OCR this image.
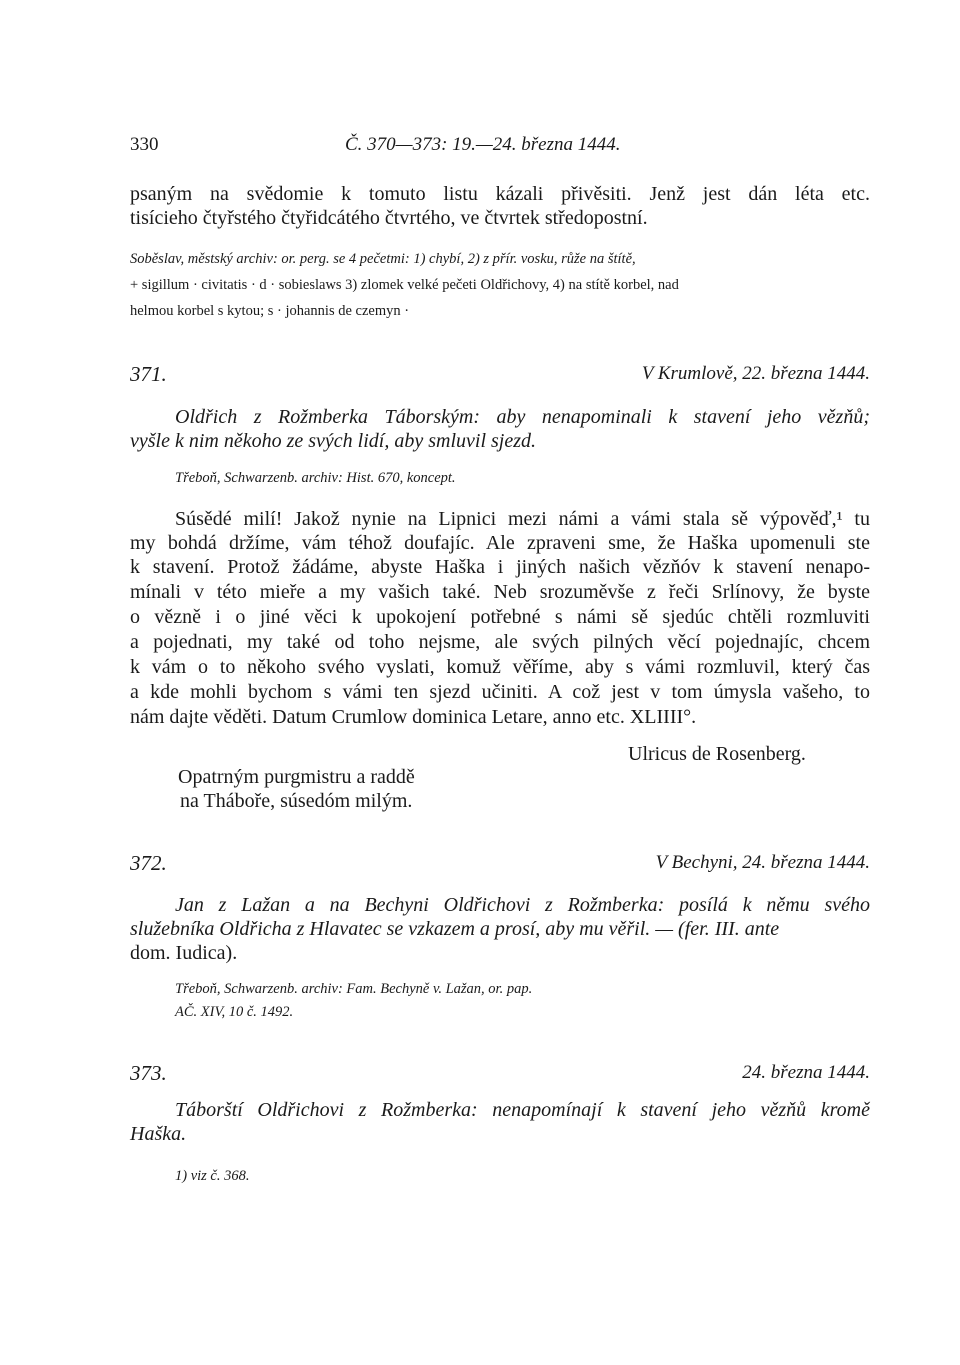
330	Č. 370—373: 19.—24. března 1444.
psaným na svědomie k tomuto listu kázali přivěsiti. Jenž jest dán léta etc.
tisícieho čtyřstého čtyřidcátého čtvrtého, ve čtvrtek středopostní.
Soběslav, městský archiv: or. perg. se 4 pečetmi: 1) chybí, 2) z přír. vosku, růže na štítě,
+ sigillum · civitatis · d · sobieslaws 3) zlomek velké pečeti Oldřichovy, 4) na stítě korbel, nad
helmou korbel s kytou; s · johannis de czemyn ·
371.	V Krumlově, 22. března 1444.
Oldřich z Rožmberka Táborským: aby nenapominali k stavení jeho vězňů;
vyšle k nim někoho ze svých lidí, aby smluvil sjezd.
Třeboň, Schwarzenb. archiv: Hist. 670, koncept.
Súsědé milí! Jakož nynie na Lipnici mezi námi a vámi stala sě výpověď,¹ tu
my bohdá držíme, vám téhož doufajíc. Ale zpraveni sme, že Haška upomenuli ste
k stavení. Protož žádáme, abyste Haška i jiných našich vězňóv k stavení nenapo-
mínali v této mieře a my vašich také. Neb srozuměvše z řeči Srlínovy, že byste
o vězně i o jiné věci k upokojení potřebné s námi sě sjedúc chtěli rozmluviti
a pojednati, my také od toho nejsme, ale svých pilných věcí pojednajíc, chcem
k vám o to někoho svého vyslati, komuž věříme, aby s vámi rozmluvil, který čas
a kde mohli bychom s vámi ten sjezd učiniti. A což jest v tom úmysla vašeho, to
nám dajte věděti. Datum Crumlow dominica Letare, anno etc. XLIIII°.
Ulricus de Rosenberg.
Opatrným purgmistru a raddě
na Tháboře, súsedóm milým.
372.	V Bechyni, 24. března 1444.
Jan z Lažan a na Bechyni Oldřichovi z Rožmberka: posílá k němu svého
služebníka Oldřicha z Hlavatec se vzkazem a prosí, aby mu věřil. — (fer. III. ante
dom. Iudica).
Třeboň, Schwarzenb. archiv: Fam. Bechyně v. Lažan, or. pap.
AČ. XIV, 10 č. 1492.
373.	24. března 1444.
Táborští Oldřichovi z Rožmberka: nenapomínají k stavení jeho vězňů kromě
Haška.
1) viz č. 368.
